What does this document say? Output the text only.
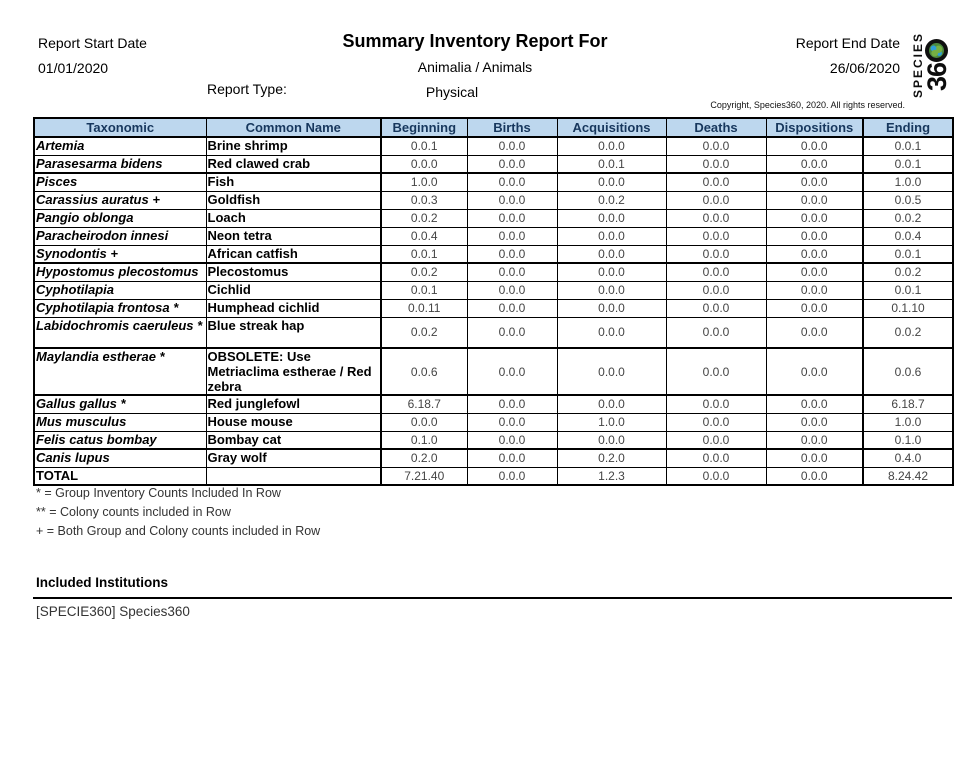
Report Start Date
01/01/2020
Summary Inventory Report For
Animalia / Animals
Report Type:	Physical
Report End Date
26/06/2020
Copyright, Species360, 2020. All rights reserved.
SPECIES
36
Taxonomic	Common Name	Beginning	Births	Acquisitions	Deaths	Dispositions	Ending
Artemia	Brine shrimp	0.0.1	0.0.0	0.0.0	0.0.0	0.0.0	0.0.1
Parasesarma bidens	Red clawed crab	0.0.0	0.0.0	0.0.1	0.0.0	0.0.0	0.0.1
Pisces	Fish	1.0.0	0.0.0	0.0.0	0.0.0	0.0.0	1.0.0
Carassius auratus +	Goldfish	0.0.3	0.0.0	0.0.2	0.0.0	0.0.0	0.0.5
Pangio oblonga	Loach	0.0.2	0.0.0	0.0.0	0.0.0	0.0.0	0.0.2
Paracheirodon innesi	Neon tetra	0.0.4	0.0.0	0.0.0	0.0.0	0.0.0	0.0.4
Synodontis +	African catfish	0.0.1	0.0.0	0.0.0	0.0.0	0.0.0	0.0.1
Hypostomus plecostomus	Plecostomus	0.0.2	0.0.0	0.0.0	0.0.0	0.0.0	0.0.2
Cyphotilapia	Cichlid	0.0.1	0.0.0	0.0.0	0.0.0	0.0.0	0.0.1
Cyphotilapia frontosa *	Humphead cichlid	0.0.11	0.0.0	0.0.0	0.0.0	0.0.0	0.1.10
Labidochromis caeruleus *	Blue streak hap	0.0.2	0.0.0	0.0.0	0.0.0	0.0.0	0.0.2
Maylandia estherae *	OBSOLETE: Use Metriaclima estherae / Red zebra	0.0.6	0.0.0	0.0.0	0.0.0	0.0.0	0.0.6
Gallus gallus *	Red junglefowl	6.18.7	0.0.0	0.0.0	0.0.0	0.0.0	6.18.7
Mus musculus	House mouse	0.0.0	0.0.0	1.0.0	0.0.0	0.0.0	1.0.0
Felis catus bombay	Bombay cat	0.1.0	0.0.0	0.0.0	0.0.0	0.0.0	0.1.0
Canis lupus	Gray wolf	0.2.0	0.0.0	0.2.0	0.0.0	0.0.0	0.4.0
TOTAL		7.21.40	0.0.0	1.2.3	0.0.0	0.0.0	8.24.42
* = Group Inventory Counts Included In Row
** = Colony counts included in Row
+ = Both Group and Colony counts included in Row
Included Institutions
[SPECIE360] Species360
